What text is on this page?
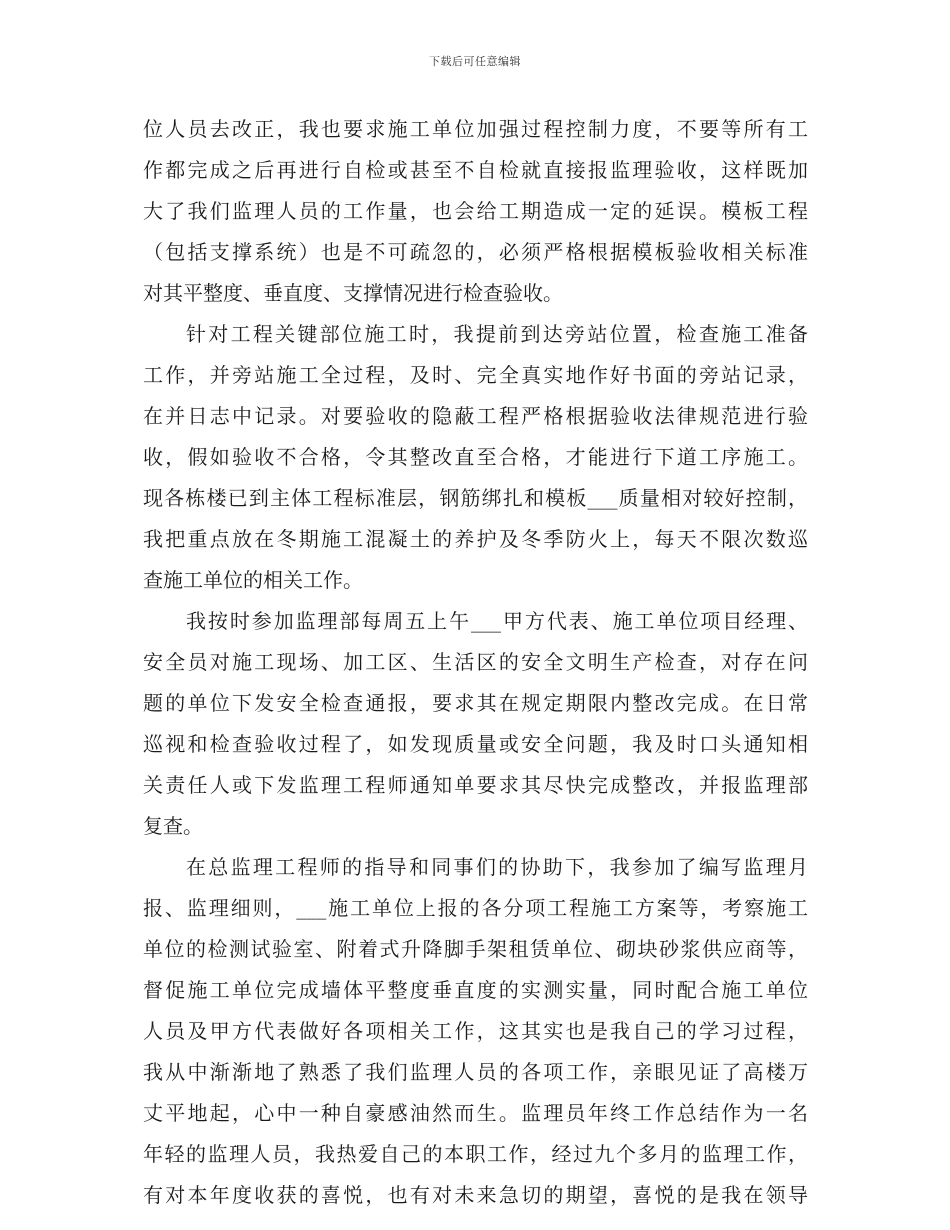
下载后可任意编辑
位人员去改正，我也要求施工单位加强过程控制力度，不要等所有工
作都完成之后再进行自检或甚至不自检就直接报监理验收，这样既加
大了我们监理人员的工作量，也会给工期造成一定的延误。模板工程
（包括支撑系统）也是不可疏忽的，必须严格根据模板验收相关标准
对其平整度、垂直度、支撑情况进行检查验收。
针对工程关键部位施工时，我提前到达旁站位置，检查施工准备
工作，并旁站施工全过程，及时、完全真实地作好书面的旁站记录，
在并日志中记录。对要验收的隐蔽工程严格根据验收法律规范进行验
收，假如验收不合格，令其整改直至合格，才能进行下道工序施工。
现各栋楼已到主体工程标准层，钢筋绑扎和模板___质量相对较好控制，
我把重点放在冬期施工混凝土的养护及冬季防火上，每天不限次数巡
查施工单位的相关工作。
我按时参加监理部每周五上午___甲方代表、施工单位项目经理、
安全员对施工现场、加工区、生活区的安全文明生产检查，对存在问
题的单位下发安全检查通报，要求其在规定期限内整改完成。在日常
巡视和检查验收过程了，如发现质量或安全问题，我及时口头通知相
关责任人或下发监理工程师通知单要求其尽快完成整改，并报监理部
复查。
在总监理工程师的指导和同事们的协助下，我参加了编写监理月
报、监理细则，___施工单位上报的各分项工程施工方案等，考察施工
单位的检测试验室、附着式升降脚手架租赁单位、砌块砂浆供应商等，
督促施工单位完成墙体平整度垂直度的实测实量，同时配合施工单位
人员及甲方代表做好各项相关工作，这其实也是我自己的学习过程，
我从中渐渐地了熟悉了我们监理人员的各项工作，亲眼见证了高楼万
丈平地起，心中一种自豪感油然而生。监理员年终工作总结作为一名
年轻的监理人员，我热爱自己的本职工作，经过九个多月的监理工作，
有对本年度收获的喜悦，也有对未来急切的期望，喜悦的是我在领导
